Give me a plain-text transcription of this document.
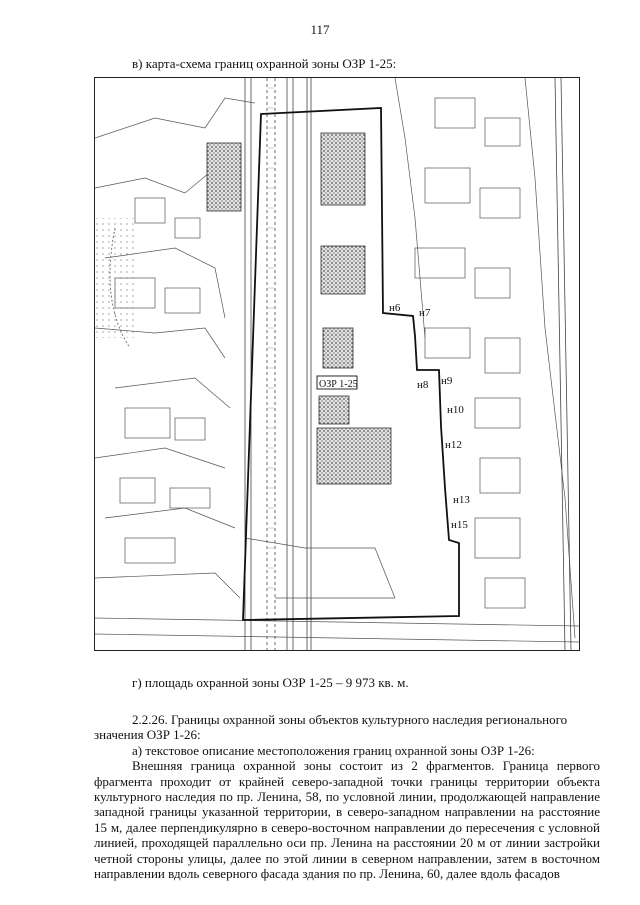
117
в) карта-схема границ охранной зоны ОЗР 1-25:
ОЗР 1-25
н6 н7
н8 н9
н10
н12
н13
н15
г) площадь охранной зоны ОЗР 1-25 – 9 973 кв. м.

2.2.26. Границы охранной зоны объектов культурного наследия регионального

значения ОЗР 1-26:

а) текстовое описание местоположения границ охранной зоны ОЗР 1-26:

Внешняя граница охранной зоны состоит из 2 фрагментов. Граница первого фрагмента проходит от крайней северо-западной точки границы территории объекта культурного наследия по пр. Ленина, 58, по условной линии, продолжающей направление западной границы указанной территории, в северо-западном направлении на расстояние 15 м, далее перпендикулярно в северо-восточном направлении до пересечения с условной линией, проходящей параллельно оси пр. Ленина на расстоянии 20 м от линии застройки четной стороны улицы, далее по этой линии в северном направлении, затем в восточном направлении вдоль северного фасада здания по пр. Ленина, 60, далее вдоль фасадов
